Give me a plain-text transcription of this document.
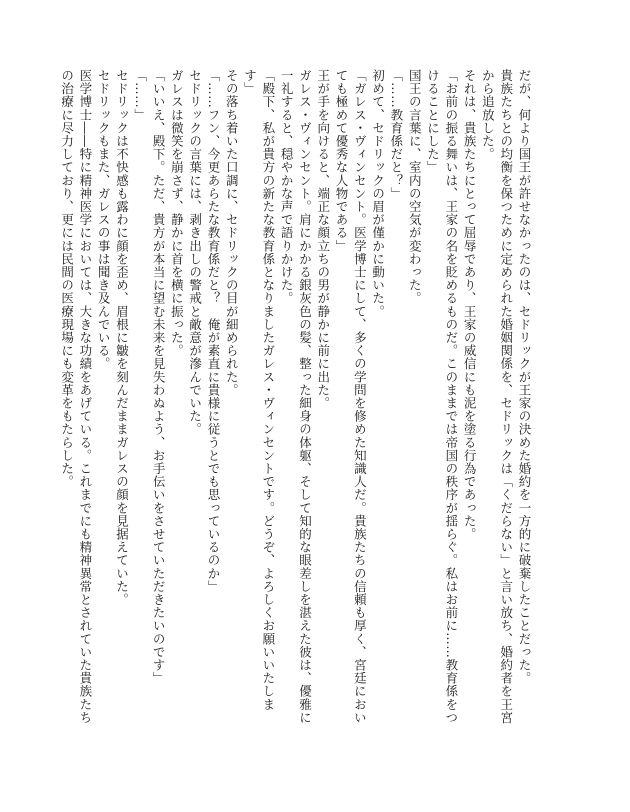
だが、何より国王が許せなかったのは、セドリックが王家の決めた婚約を一方的に破棄したことだった。

貴族たちとの均衡を保つために定められた婚姻関係を、セドリックは「くだらない」と言い放ち、婚約者を王宮から追放した。

それは、貴族たちにとって屈辱であり、王家の威信にも泥を塗る行為であった。

「お前の振る舞いは、王家の名を貶めるものだ。このままでは帝国の秩序が揺らぐ。私はお前に……教育係をつけることにした」

国王の言葉に、室内の空気が変わった。

「……教育係だと？」

初めて、セドリックの眉が僅かに動いた。

「ガレス・ヴィンセント。医学博士にして、多くの学問を修めた知識人だ。貴族たちの信頼も厚く、宮廷においても極めて優秀な人物である」

王が手を向けると、端正な顔立ちの男が静かに前に出た。

ガレス・ヴィンセント。肩にかかる銀灰色の髪、整った細身の体躯、そして知的な眼差しを湛えた彼は、優雅に一礼すると、穏やかな声で語りかけた。

「殿下、私が貴方の新たな教育係となりましたガレス・ヴィンセントです。どうぞ、よろしくお願いいたします」

その落ち着いた口調に、セドリックの目が細められた。

「……フン、今更あらたな教育係だと？　俺が素直に貴様に従うとでも思っているのか」

セドリックの言葉には、剥き出しの警戒と敵意が滲んでいた。

ガレスは微笑を崩さず、静かに首を横に振った。

「いいえ、殿下。ただ、貴方が本当に望む未来を見失わぬよう、お手伝いをさせていただきたいのです」

「……」

セドリックは不快感も露わに顔を歪め、眉根に皺を刻んだままガレスの顔を見据えていた。

セドリックもまた、ガレスの事は聞き及んでいる。

医学博士――特に精神医学においては、大きな功績をあげている。これまでにも精神異常とされていた貴族たちの治療に尽力しており、更には民間の医療現場にも変革をもたらした。
